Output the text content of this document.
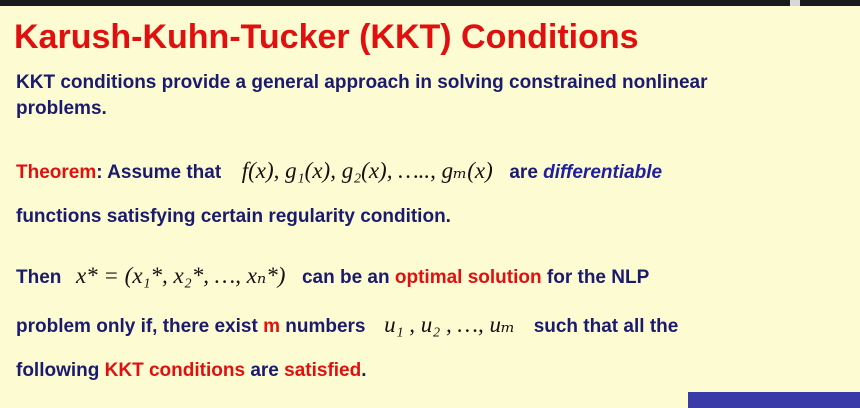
Karush-Kuhn-Tucker (KKT) Conditions
KKT conditions provide a general approach in solving constrained nonlinear
problems.
Theorem: Assume that f(x), g₁(x), g₂(x), ….., gₘ(x) are differentiable
functions satisfying certain regularity condition.
Then x* = (x₁*, x₂*, …, xₙ*) can be an optimal solution for the NLP
problem only if, there exist m numbers u₁ , u₂ , …, uₘ such that all the
following KKT conditions are satisfied.
